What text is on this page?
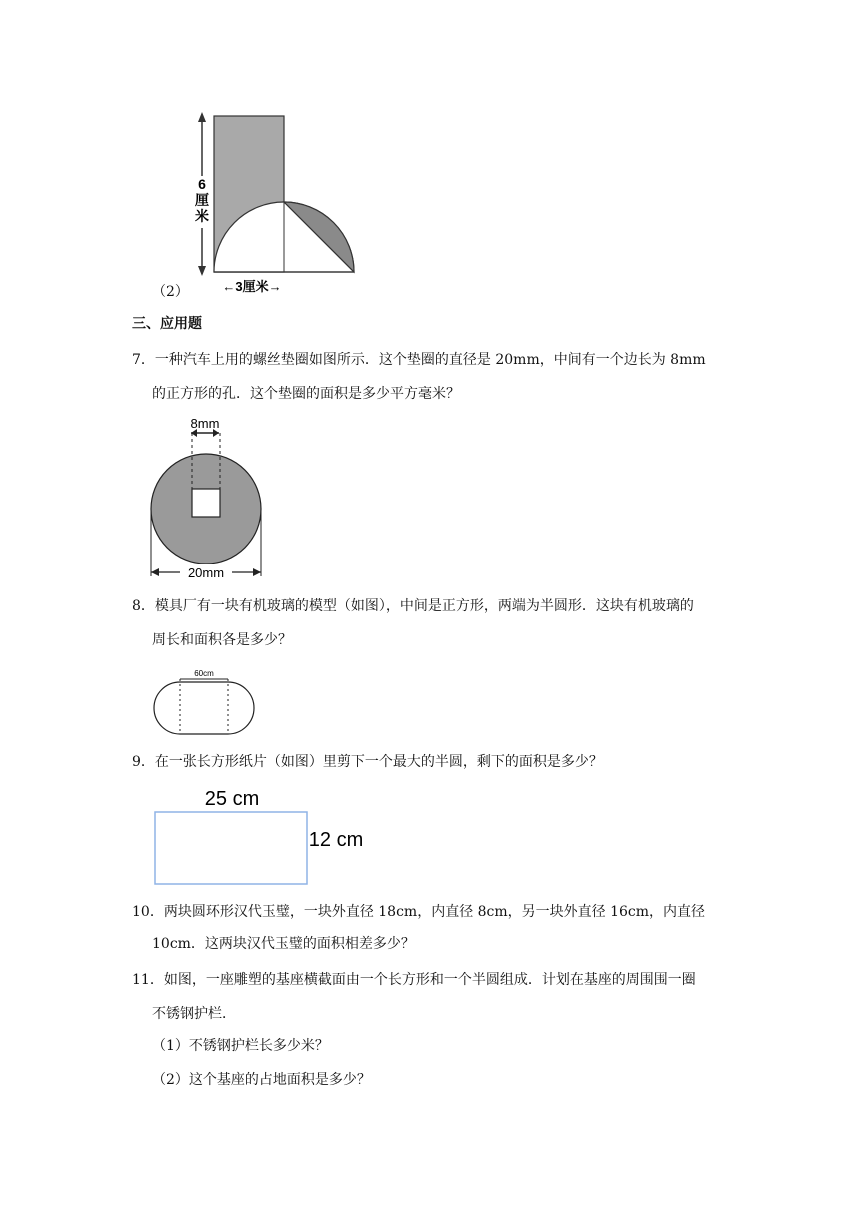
6
厘
米
←3厘米→
（2）
三、应用题
7．一种汽车上用的螺丝垫圈如图所示．这个垫圈的直径是 20mm，中间有一个边长为 8mm
的正方形的孔．这个垫圈的面积是多少平方毫米？
8mm
20mm
8．模具厂有一块有机玻璃的模型（如图），中间是正方形，两端为半圆形．这块有机玻璃的
周长和面积各是多少？
60cm
9．在一张长方形纸片（如图）里剪下一个最大的半圆，剩下的面积是多少？
25 cm
12 cm
10．两块圆环形汉代玉璧，一块外直径 18cm，内直径 8cm，另一块外直径 16cm，内直径
10cm．这两块汉代玉璧的面积相差多少？
11．如图，一座雕塑的基座横截面由一个长方形和一个半圆组成．计划在基座的周围围一圈
不锈钢护栏．
（1）不锈钢护栏长多少米？
（2）这个基座的占地面积是多少？
